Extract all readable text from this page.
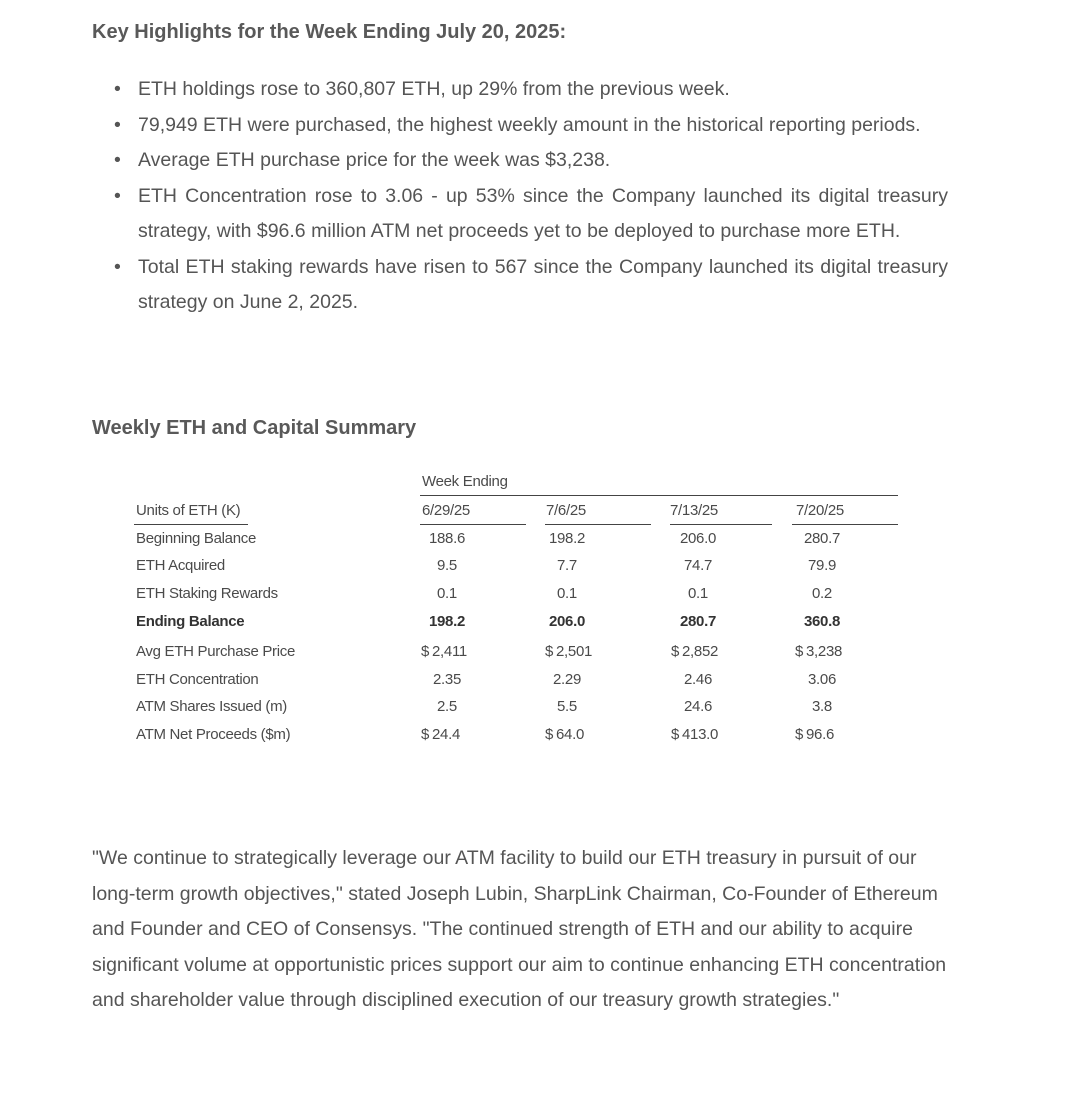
Key Highlights for the Week Ending July 20, 2025:
• ETH holdings rose to 360,807 ETH, up 29% from the previous week.
• 79,949 ETH were purchased, the highest weekly amount in the historical reporting periods.
• Average ETH purchase price for the week was $3,238.
• ETH Concentration rose to 3.06 - up 53% since the Company launched its digital treasury strategy, with $96.6 million ATM net proceeds yet to be deployed to purchase more ETH.
• Total ETH staking rewards have risen to 567 since the Company launched its digital treasury strategy on June 2, 2025.
Weekly ETH and Capital Summary
Week Ending
Units of ETH (K)	6/29/25	7/6/25	7/13/25	7/20/25
Beginning Balance	188.6	198.2	206.0	280.7
ETH Acquired	9.5	7.7	74.7	79.9
ETH Staking Rewards	0.1	0.1	0.1	0.2
Ending Balance	198.2	206.0	280.7	360.8
Avg ETH Purchase Price	$ 2,411	$ 2,501	$ 2,852	$ 3,238
ETH Concentration	2.35	2.29	2.46	3.06
ATM Shares Issued (m)	2.5	5.5	24.6	3.8
ATM Net Proceeds ($m)	$ 24.4	$ 64.0	$ 413.0	$ 96.6

"We continue to strategically leverage our ATM facility to build our ETH treasury in pursuit of our long-term growth objectives," stated Joseph Lubin, SharpLink Chairman, Co-Founder of Ethereum and Founder and CEO of Consensys. "The continued strength of ETH and our ability to acquire significant volume at opportunistic prices support our aim to continue enhancing ETH concentration and shareholder value through disciplined execution of our treasury growth strategies."
